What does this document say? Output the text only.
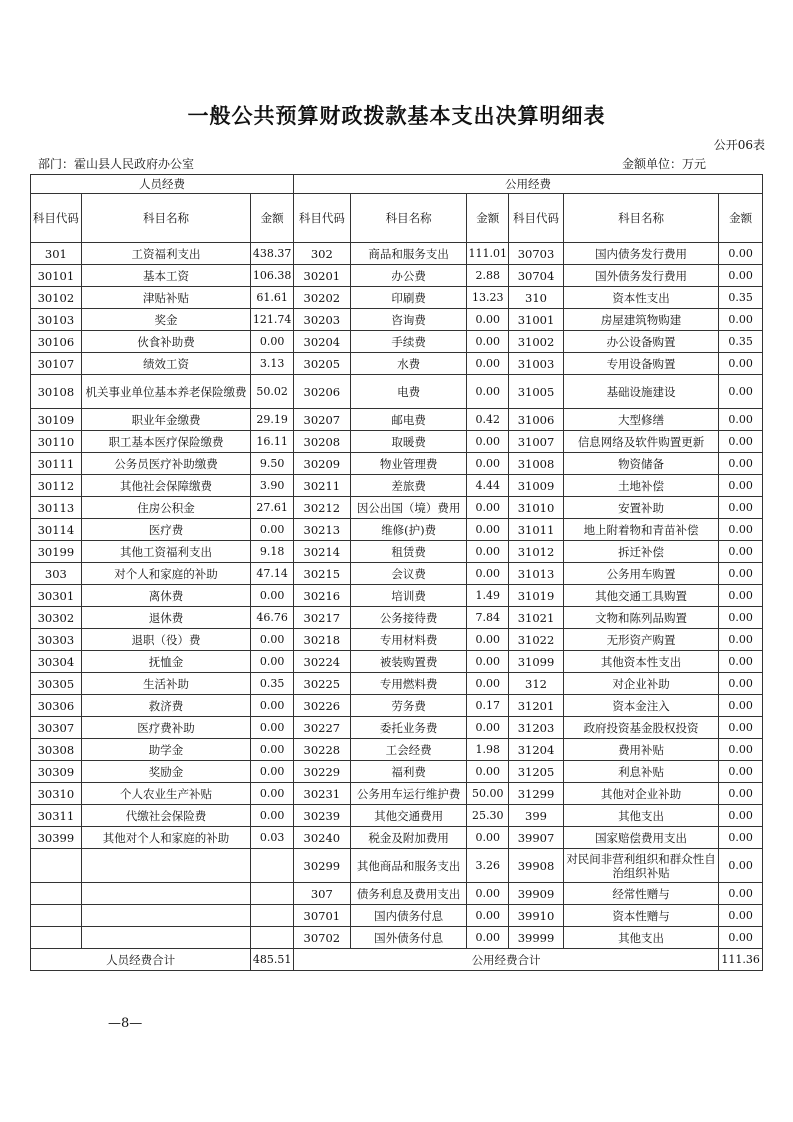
一般公共预算财政拨款基本支出决算明细表
公开06表
部门：霍山县人民政府办公室	金额单位：万元
人员经费			公用经费					
科目代码	科目名称	金额	科目代码	科目名称	金额	科目代码	科目名称	金额
301	工资福利支出	438.37	302	商品和服务支出	111.01	30703	国内债务发行费用	0.00
30101	基本工资	106.38	30201	办公费	2.88	30704	国外债务发行费用	0.00
30102	津贴补贴	61.61	30202	印刷费	13.23	310	资本性支出	0.35
30103	奖金	121.74	30203	咨询费	0.00	31001	房屋建筑物购建	0.00
30106	伙食补助费	0.00	30204	手续费	0.00	31002	办公设备购置	0.35
30107	绩效工资	3.13	30205	水费	0.00	31003	专用设备购置	0.00
30108	机关事业单位基本养老保险缴费	50.02	30206	电费	0.00	31005	基础设施建设	0.00
30109	职业年金缴费	29.19	30207	邮电费	0.42	31006	大型修缮	0.00
30110	职工基本医疗保险缴费	16.11	30208	取暖费	0.00	31007	信息网络及软件购置更新	0.00
30111	公务员医疗补助缴费	9.50	30209	物业管理费	0.00	31008	物资储备	0.00
30112	其他社会保障缴费	3.90	30211	差旅费	4.44	31009	土地补偿	0.00
30113	住房公积金	27.61	30212	因公出国（境）费用	0.00	31010	安置补助	0.00
30114	医疗费	0.00	30213	维修(护)费	0.00	31011	地上附着物和青苗补偿	0.00
30199	其他工资福利支出	9.18	30214	租赁费	0.00	31012	拆迁补偿	0.00
303	对个人和家庭的补助	47.14	30215	会议费	0.00	31013	公务用车购置	0.00
30301	离休费	0.00	30216	培训费	1.49	31019	其他交通工具购置	0.00
30302	退休费	46.76	30217	公务接待费	7.84	31021	文物和陈列品购置	0.00
30303	退职（役）费	0.00	30218	专用材料费	0.00	31022	无形资产购置	0.00
30304	抚恤金	0.00	30224	被装购置费	0.00	31099	其他资本性支出	0.00
30305	生活补助	0.35	30225	专用燃料费	0.00	312	对企业补助	0.00
30306	救济费	0.00	30226	劳务费	0.17	31201	资本金注入	0.00
30307	医疗费补助	0.00	30227	委托业务费	0.00	31203	政府投资基金股权投资	0.00
30308	助学金	0.00	30228	工会经费	1.98	31204	费用补贴	0.00
30309	奖励金	0.00	30229	福利费	0.00	31205	利息补贴	0.00
30310	个人农业生产补贴	0.00	30231	公务用车运行维护费	50.00	31299	其他对企业补助	0.00
30311	代缴社会保险费	0.00	30239	其他交通费用	25.30	399	其他支出	0.00
30399	其他对个人和家庭的补助	0.03	30240	税金及附加费用	0.00	39907	国家赔偿费用支出	0.00
			30299	其他商品和服务支出	3.26	39908	对民间非营利组织和群众性自治组织补贴	0.00
			307	债务利息及费用支出	0.00	39909	经常性赠与	0.00
			30701	国内债务付息	0.00	39910	资本性赠与	0.00
			30702	国外债务付息	0.00	39999	其他支出	0.00
人员经费合计		485.51	公用经费合计					111.36
—8—
